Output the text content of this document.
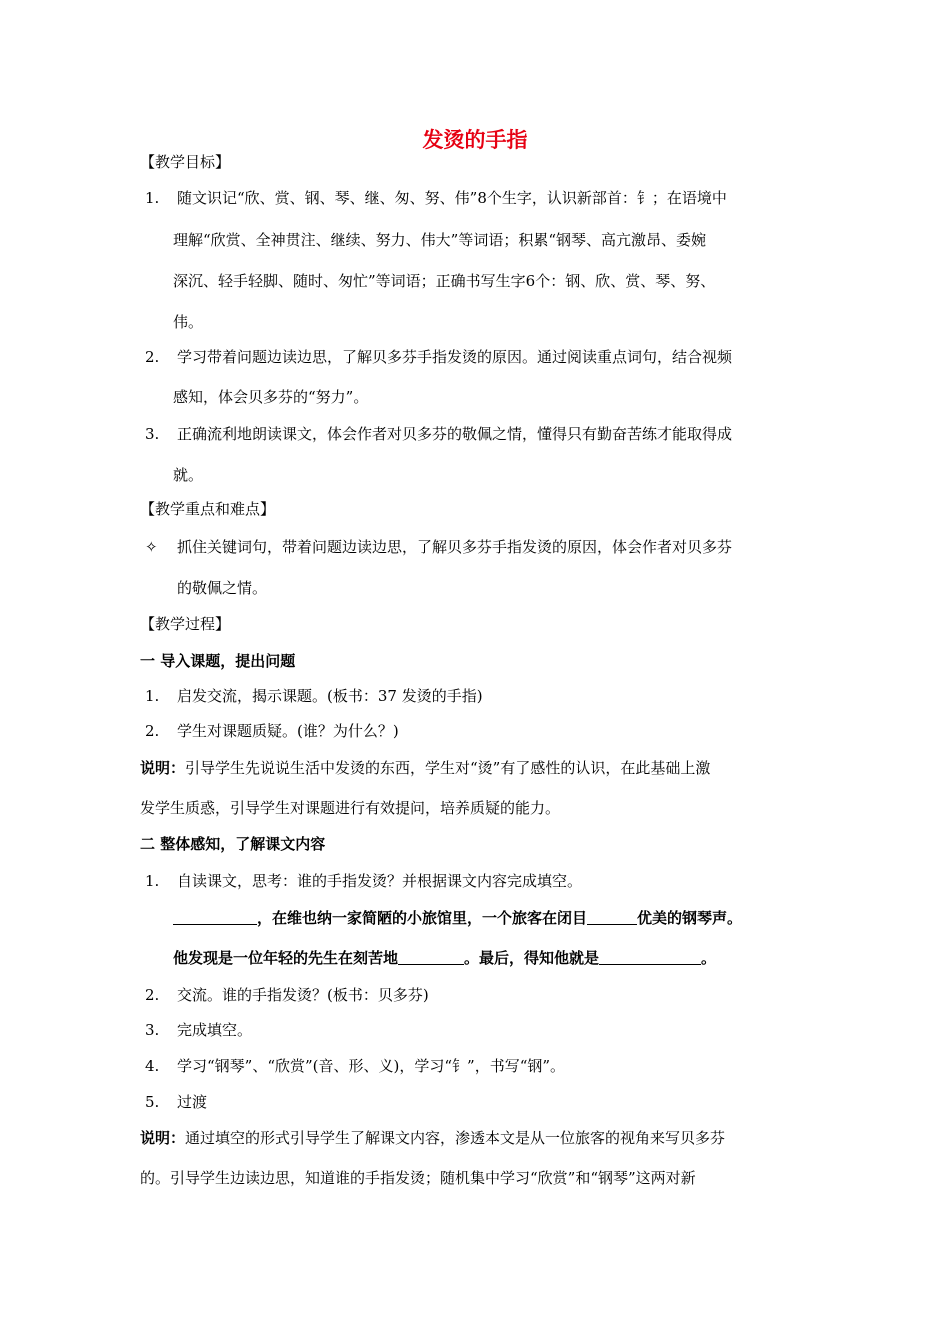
发烫的手指
【教学目标】
1. 随文识记“欣、赏、钢、琴、继、匆、努、伟”8个生字，认识新部首：钅；在语境中
理解“欣赏、全神贯注、继续、努力、伟大”等词语；积累“钢琴、高亢激昂、委婉
深沉、轻手轻脚、随时、匆忙”等词语；正确书写生字6个：钢、欣、赏、琴、努、
伟。
2. 学习带着问题边读边思，了解贝多芬手指发烫的原因。通过阅读重点词句，结合视频
感知，体会贝多芬的“努力”。
3. 正确流利地朗读课文，体会作者对贝多芬的敬佩之情，懂得只有勤奋苦练才能取得成
就。
【教学重点和难点】
✧ 抓住关键词句，带着问题边读边思，了解贝多芬手指发烫的原因，体会作者对贝多芬
的敬佩之情。
【教学过程】
一 导入课题，提出问题
1. 启发交流，揭示课题。(板书：37 发烫的手指)
2. 学生对课题质疑。(谁？为什么？)
说明：引导学生先说说生活中发烫的东西，学生对“烫”有了感性的认识，在此基础上激
发学生质惑，引导学生对课题进行有效提问，培养质疑的能力。
二 整体感知，了解课文内容
1. 自读课文，思考：谁的手指发烫？并根据课文内容完成填空。
，在维也纳一家简陋的小旅馆里，一个旅客在闭目	优美的钢琴声。
他发现是一位年轻的先生在刻苦地	。最后，得知他就是	。
2. 交流。谁的手指发烫？(板书：贝多芬)
3. 完成填空。
4. 学习“钢琴”、“欣赏”(音、形、义)，学习“钅”，书写“钢”。
5. 过渡
说明：通过填空的形式引导学生了解课文内容，渗透本文是从一位旅客的视角来写贝多芬
的。引导学生边读边思，知道谁的手指发烫；随机集中学习“欣赏”和“钢琴”这两对新
